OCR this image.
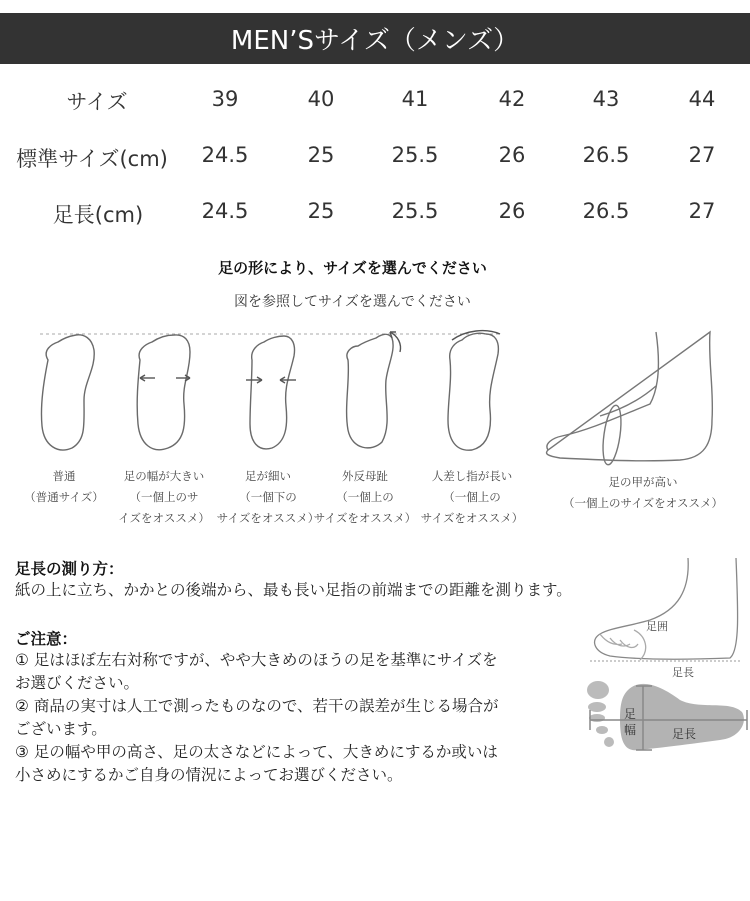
MEN’Sサイズ（メンズ）
サイズ	39	40	41	42	43	44
標準サイズ(cm) 24.5	25	25.5	26	26.5	27
足長(cm)	24.5	25	25.5	26	26.5	27
足の形により、サイズを選んでください
図を参照してサイズを選んでください
普通
（普通サイズ）
足の幅が大きい
（一個上のサ
イズをオススメ）
足が細い
（一個下の
サイズをオススメ）
外反母趾
（一個上の
サイズをオススメ）
人差し指が長い
（一個上の
サイズをオススメ）
足の甲が高い
（一個上のサイズをオススメ）
足長の測り方：
紙の上に立ち、かかとの後端から、最も長い足指の前端までの距離を測ります。
足囲
足長
足
幅	足長
ご注意：
① 足はほぼ左右対称ですが、やや大きめのほうの足を基準にサイズを
お選びください。
② 商品の実寸は人工で測ったものなので、若干の誤差が生じる場合が
ございます。
③ 足の幅や甲の高さ、足の太さなどによって、大きめにするか或いは
小さめにするかご自身の情況によってお選びください。
